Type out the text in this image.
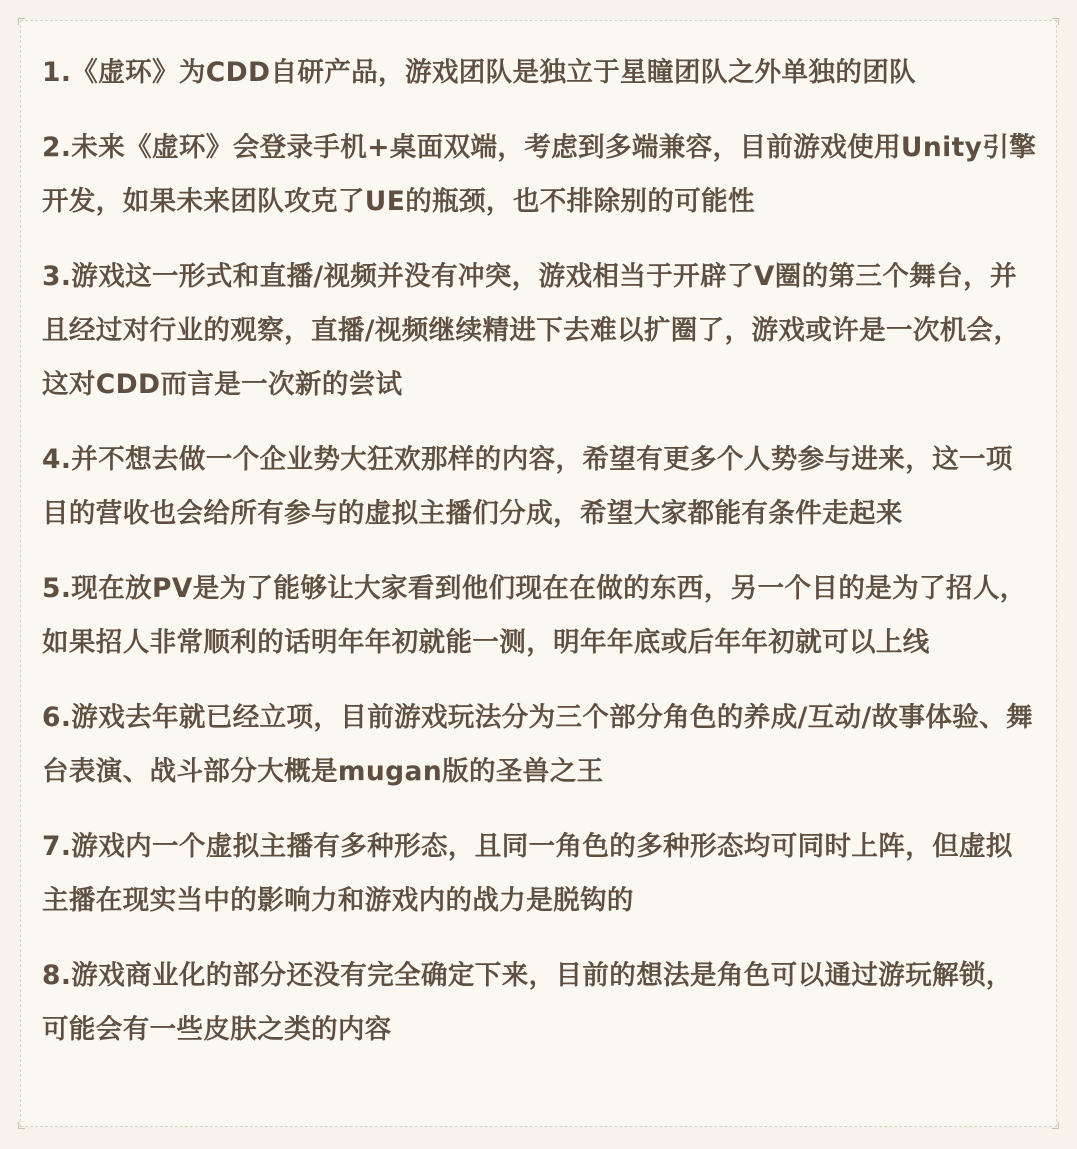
1.《虚环》为CDD自研产品，游戏团队是独立于星瞳团队之外单独的团队

2.未来《虚环》会登录手机+桌面双端，考虑到多端兼容，目前游戏使用Unity引擎开发，如果未来团队攻克了UE的瓶颈，也不排除别的可能性

3.游戏这一形式和直播/视频并没有冲突，游戏相当于开辟了V圈的第三个舞台，并且经过对行业的观察，直播/视频继续精进下去难以扩圈了，游戏或许是一次机会，这对CDD而言是一次新的尝试

4.并不想去做一个企业势大狂欢那样的内容，希望有更多个人势参与进来，这一项目的营收也会给所有参与的虚拟主播们分成，希望大家都能有条件走起来

5.现在放PV是为了能够让大家看到他们现在在做的东西，另一个目的是为了招人，如果招人非常顺利的话明年年初就能一测，明年年底或后年年初就可以上线

6.游戏去年就已经立项，目前游戏玩法分为三个部分角色的养成/互动/故事体验、舞台表演、战斗部分大概是mugan版的圣兽之王

7.游戏内一个虚拟主播有多种形态，且同一角色的多种形态均可同时上阵，但虚拟主播在现实当中的影响力和游戏内的战力是脱钩的

8.游戏商业化的部分还没有完全确定下来，目前的想法是角色可以通过游玩解锁，可能会有一些皮肤之类的内容
